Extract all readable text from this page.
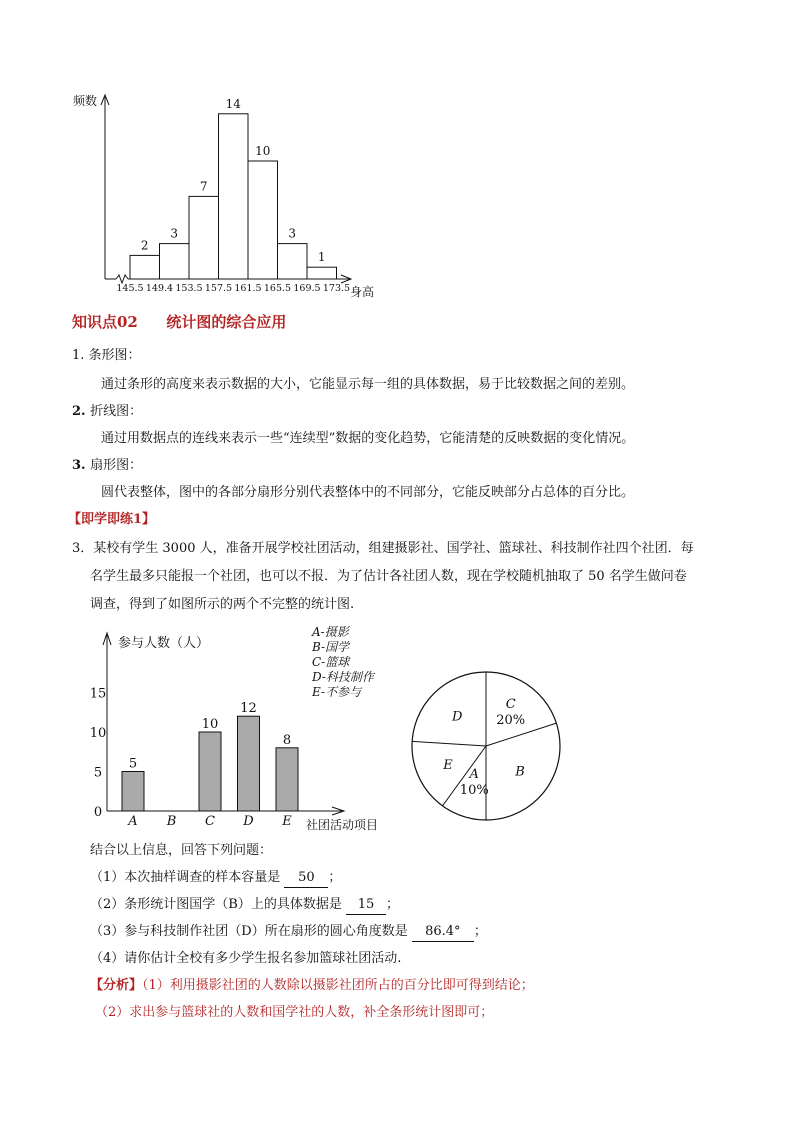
频数
身高
2
3
7
14
10
3
1
145.5 149.4 153.5 157.5 161.5 165.5 169.5 173.5
知识点02 统计图的综合应用
1. 条形图：
通过条形的高度来表示数据的大小，它能显示每一组的具体数据，易于比较数据之间的差别。
2. 折线图：
通过用数据点的连线来表示一些“连续型”数据的变化趋势，它能清楚的反映数据的变化情况。
3. 扇形图：
圆代表整体，图中的各部分扇形分别代表整体中的不同部分，它能反映部分占总体的百分比。
【即学即练1】
3．某校有学生 3000 人，准备开展学校社团活动，组建摄影社、国学社、篮球社、科技制作社四个社团．每
名学生最多只能报一个社团，也可以不报．为了估计各社团人数，现在学校随机抽取了 50 名学生做问卷
调查，得到了如图所示的两个不完整的统计图.
参与人数（人）
社团活动项目
0
5
10
15
A
5
B C
10
D
12
E
8
A-摄影
B-国学
C-篮球
D-科技制作
E-不参与
C
20%
B
A
10%
E
D
结合以上信息，回答下列问题：
（1）本次抽样调查的样本容量是 50 ；
（2）条形统计图国学（B）上的具体数据是 15 ；
（3）参与科技制作社团（D）所在扇形的圆心角度数是 86.4° ；
（4）请你估计全校有多少学生报名参加篮球社团活动.
【分析】（1）利用摄影社团的人数除以摄影社团所占的百分比即可得到结论；
（2）求出参与篮球社的人数和国学社的人数，补全条形统计图即可；
